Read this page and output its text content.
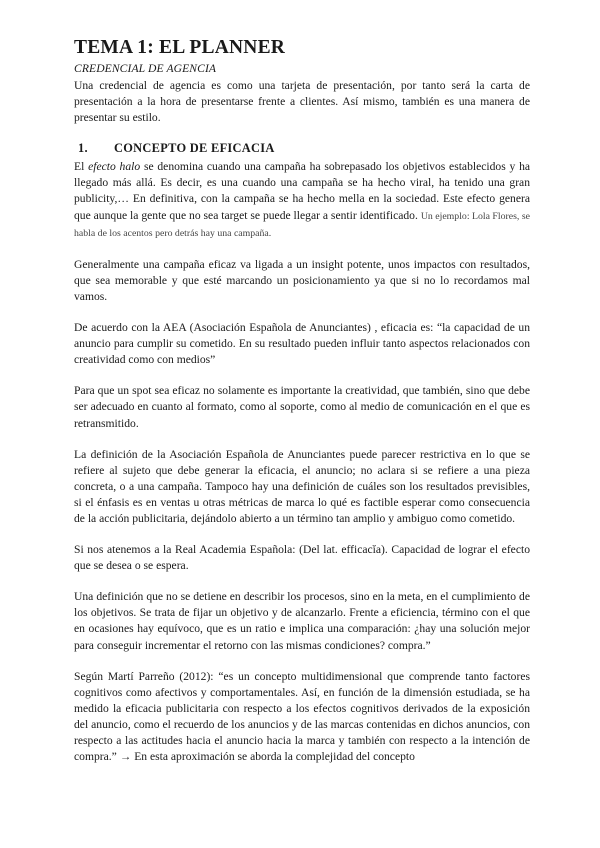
TEMA 1: EL PLANNER
CREDENCIAL DE AGENCIA

Una credencial de agencia es como una tarjeta de presentación, por tanto será la carta de presentación a la hora de presentarse frente a clientes. Así mismo, también es una manera de presentar su estilo.

1. CONCEPTO DE EFICACIA

El efecto halo se denomina cuando una campaña ha sobrepasado los objetivos establecidos y ha llegado más allá. Es decir, es una cuando una campaña se ha hecho viral, ha tenido una gran publicity,… En definitiva, con la campaña se ha hecho mella en la sociedad. Este efecto genera que aunque la gente que no sea target se puede llegar a sentir identificado. Un ejemplo: Lola Flores, se habla de los acentos pero detrás hay una campaña.

Generalmente una campaña eficaz va ligada a un insight potente, unos impactos con resultados, que sea memorable y que esté marcando un posicionamiento ya que si no lo recordamos mal vamos.

De acuerdo con la AEA (Asociación Española de Anunciantes) , eficacia es: “la capacidad de un anuncio para cumplir su cometido. En su resultado pueden influir tanto aspectos relacionados con creatividad como con medios”

Para que un spot sea eficaz no solamente es importante la creatividad, que también, sino que debe ser adecuado en cuanto al formato, como al soporte, como al medio de comunicación en el que es retransmitido.

La definición de la Asociación Española de Anunciantes puede parecer restrictiva en lo que se refiere al sujeto que debe generar la eficacia, el anuncio; no aclara si se refiere a una pieza concreta, o a una campaña. Tampoco hay una definición de cuáles son los resultados previsibles, si el énfasis es en ventas u otras métricas de marca lo qué es factible esperar como consecuencia de la acción publicitaria, dejándolo abierto a un término tan amplio y ambiguo como cometido.

Si nos atenemos a la Real Academia Española: (Del lat. efficacĭa). Capacidad de lograr el efecto que se desea o se espera.

Una definición que no se detiene en describir los procesos, sino en la meta, en el cumplimiento de los objetivos. Se trata de fijar un objetivo y de alcanzarlo. Frente a eficiencia, término con el que en ocasiones hay equívoco, que es un ratio e implica una comparación: ¿hay una solución mejor para conseguir incrementar el retorno con las mismas condiciones? compra.”

Según Martí Parreño (2012): “es un concepto multidimensional que comprende tanto factores cognitivos como afectivos y comportamentales. Así, en función de la dimensión estudiada, se ha medido la eficacia publicitaria con respecto a los efectos cognitivos derivados de la exposición del anuncio, como el recuerdo de los anuncios y de las marcas contenidas en dichos anuncios, con respecto a las actitudes hacia el anuncio hacia la marca y también con respecto a la intención de compra.” → En esta aproximación se aborda la complejidad del concepto
